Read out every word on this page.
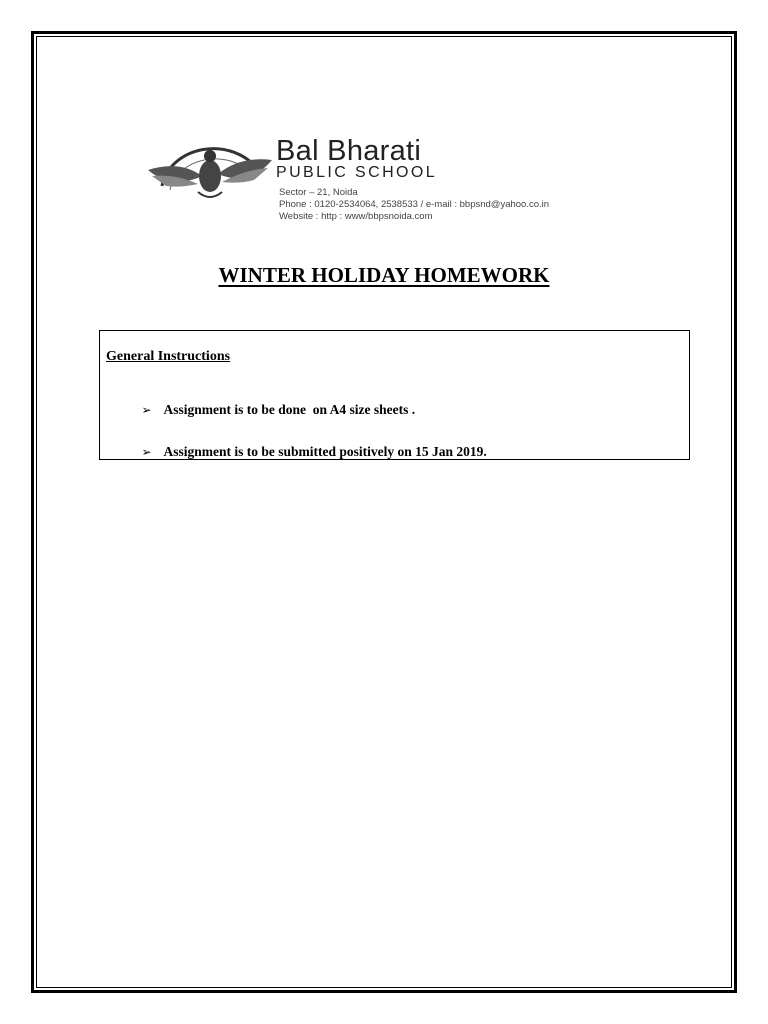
Bal Bharati
PUBLIC SCHOOL
Sector – 21, Noida
Phone : 0120-2534064, 2538533 / e-mail : bbpsnd@yahoo.co.in
Website : http : www/bbpsnoida.com
WINTER HOLIDAY HOMEWORK
General Instructions

➢ Assignment is to be done  on A4 size sheets .

➢ Assignment is to be submitted positively on 15 Jan 2019.
